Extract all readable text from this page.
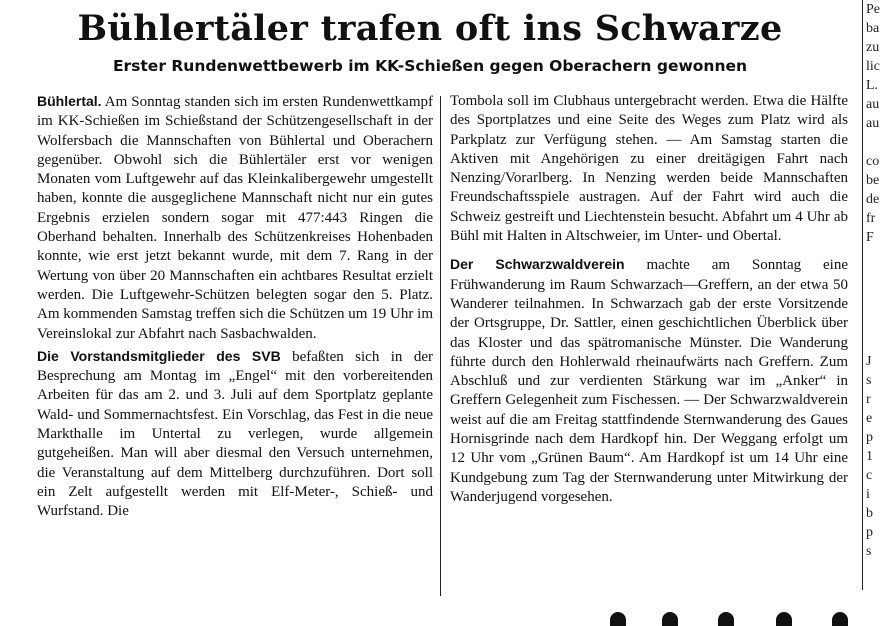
Bühlertäler trafen oft ins Schwarze
Erster Rundenwettbewerb im KK-Schießen gegen Oberachern gewonnen

Bühlertal. Am Sonntag standen sich im ersten Rundenwettkampf im KK-Schießen im Schießstand der Schützengesellschaft in der Wolfersbach die Mannschaften von Bühlertal und Oberachern gegenüber. Obwohl sich die Bühlertäler erst vor wenigen Monaten vom Luftgewehr auf das Kleinkalibergewehr umgestellt haben, konnte die ausgeglichene Mannschaft nicht nur ein gutes Ergebnis erzielen sondern sogar mit 477:443 Ringen die Oberhand behalten. Innerhalb des Schützenkreises Hohenbaden konnte, wie erst jetzt bekannt wurde, mit dem 7. Rang in der Wertung von über 20 Mannschaften ein achtbares Resultat erzielt werden. Die Luftgewehr-Schützen belegten sogar den 5. Platz. Am kommenden Samstag treffen sich die Schützen um 19 Uhr im Vereinslokal zur Abfahrt nach Sasbachwalden.

Die Vorstandsmitglieder des SVB befaßten sich in der Besprechung am Montag im „Engel“ mit den vorbereitenden Arbeiten für das am 2. und 3. Juli auf dem Sportplatz geplante Wald- und Sommernachtsfest. Ein Vorschlag, das Fest in die neue Markthalle im Untertal zu verlegen, wurde allgemein gutgeheißen. Man will aber diesmal den Versuch unternehmen, die Veranstaltung auf dem Mittelberg durchzuführen. Dort soll ein Zelt aufgestellt werden mit Elf-Meter-, Schieß- und Wurfstand. Die

Tombola soll im Clubhaus untergebracht werden. Etwa die Hälfte des Sportplatzes und eine Seite des Weges zum Platz wird als Parkplatz zur Verfügung stehen. — Am Samstag starten die Aktiven mit Angehörigen zu einer dreitägigen Fahrt nach Nenzing/Vorarlberg. In Nenzing werden beide Mannschaften Freundschaftsspiele austragen. Auf der Fahrt wird auch die Schweiz gestreift und Liechtenstein besucht. Abfahrt um 4 Uhr ab Bühl mit Halten in Altschweier, im Unter- und Obertal.

Der Schwarzwaldverein machte am Sonntag eine Frühwanderung im Raum Schwarzach—Greffern, an der etwa 50 Wanderer teilnahmen. In Schwarzach gab der erste Vorsitzende der Ortsgruppe, Dr. Sattler, einen geschichtlichen Überblick über das Kloster und das spätromanische Münster. Die Wanderung führte durch den Hohlerwald rheinaufwärts nach Greffern. Zum Abschluß und zur verdienten Stärkung war im „Anker“ in Greffern Gelegenheit zum Fischessen. — Der Schwarzwaldverein weist auf die am Freitag stattfindende Sternwanderung des Gaues Hornisgrinde nach dem Hardkopf hin. Der Weggang erfolgt um 12 Uhr vom „Grünen Baum“. Am Hardkopf ist um 14 Uhr eine Kundgebung zum Tag der Sternwanderung unter Mitwirkung der Wanderjugend vorgesehen.

Pe
ba
zu
lic
L.
au
au

co
be
de
fr
F
J
s
r
e
p
1
c
i
b
p
s
